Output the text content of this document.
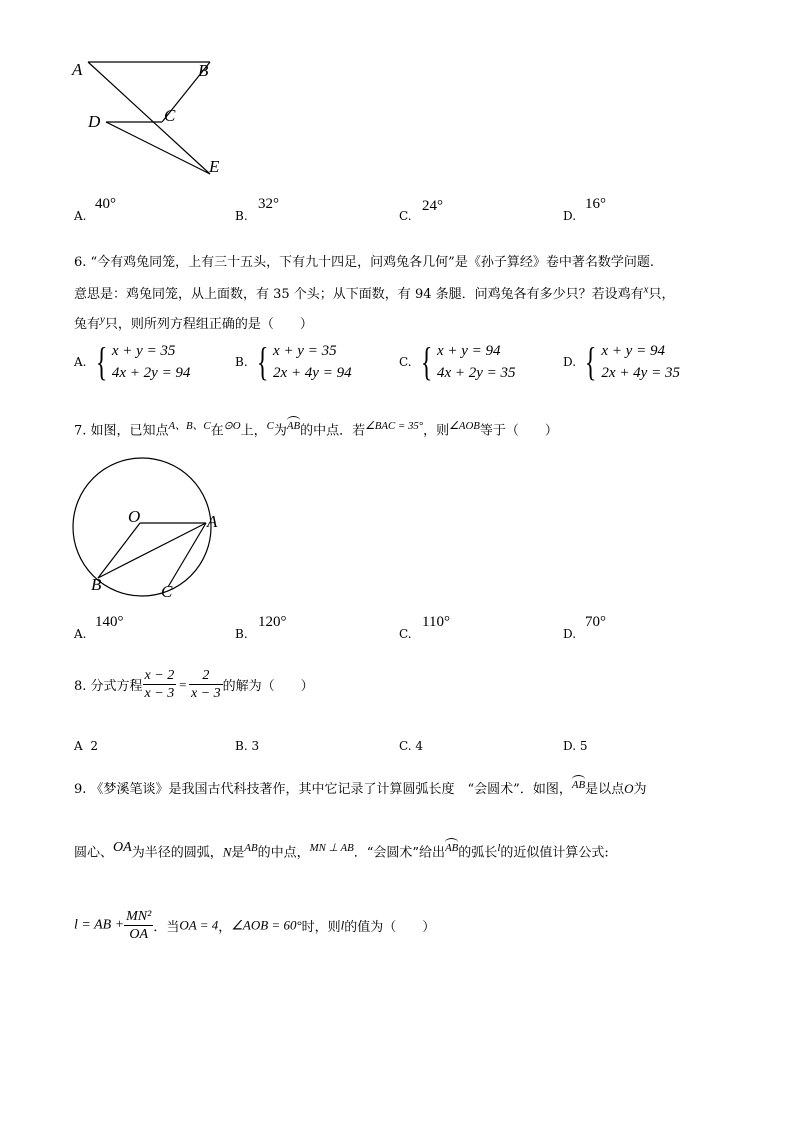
A	B
C
D
E
A.
40°
B.
32°
C.
24°
D.
16°
6. “今有鸡兔同笼，上有三十五头，下有九十四足，问鸡兔各几何”是《孙子算经》卷中著名数学问题.
意思是：鸡兔同笼，从上面数，有 35 个头；从下面数，有 94 条腿．问鸡兔各有多少只？若设鸡有$^x$只，
兔有$^y$只，则所列方程组正确的是（　　）
A. { x + y = 35
4x + 2y = 94
B. { x + y = 35
2x + 4y = 94
C. { x + y = 94
4x + 2y = 35
D. { x + y = 94
2x + 4y = 35
7. 如图，已知点$^{A、B、C}$在$^{⊙O}$上，$^C$为$^{AB}$的中点．若$^{\angle BAC = 35^\circ}$，则$^{\angle AOB}$等于（　　）
O	A
B	C
A.
140°
B.
120°
C.
110°
D.
70°
8. 分式方程 $\frac{x - 2}{x - 3} = \frac{2}{x - 3}$ 的解为（　　）
A 2	B. 3	C. 4	D. 5
9. 《梦溪笔谈》是我国古代科技著作，其中它记录了计算圆弧长度　“会圆术”．如图，$^{AB}$是以点O为
圆心、$^{OA}$为半径的圆弧，N是$^{AB}$的中点，$^{MN \perp AB}$．“会圆术”给出$^{AB}$的弧长$^l$的近似值计算公式:
l = AB + $\frac{\text{MN²}}{OA}$ ．当OA = 4，∠AOB = 60°时，则l的值为（　　）
